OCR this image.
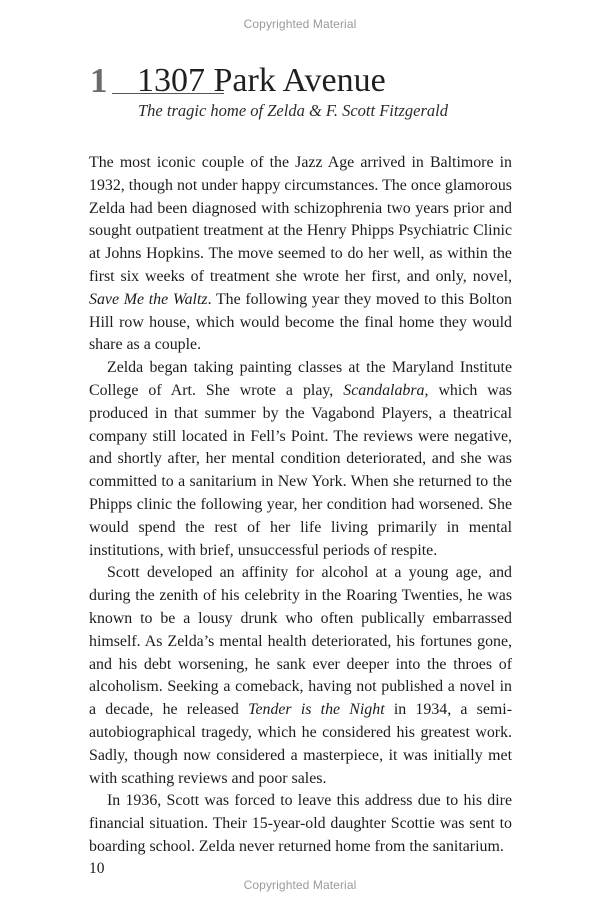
Copyrighted Material
1 1307 Park Avenue
The tragic home of Zelda & F. Scott Fitzgerald

The most iconic couple of the Jazz Age arrived in Baltimore in 1932, though not under happy circumstances. The once glamorous Zelda had been diagnosed with schizophrenia two years prior and sought outpatient treatment at the Henry Phipps Psychiatric Clinic at Johns Hopkins. The move seemed to do her well, as within the first six weeks of treatment she wrote her first, and only, novel, Save Me the Waltz. The following year they moved to this Bolton Hill row house, which would become the final home they would share as a couple.

Zelda began taking painting classes at the Maryland Institute College of Art. She wrote a play, Scandalabra, which was produced in that summer by the Vagabond Players, a theatrical company still located in Fell’s Point. The reviews were negative, and shortly after, her mental condition deteriorated, and she was committed to a sanitarium in New York. When she returned to the Phipps clinic the following year, her condition had worsened. She would spend the rest of her life living primarily in mental institutions, with brief, unsuccessful periods of respite.

Scott developed an affinity for alcohol at a young age, and during the zenith of his celebrity in the Roaring Twenties, he was known to be a lousy drunk who often publically embarrassed himself. As Zelda’s mental health deteriorated, his fortunes gone, and his debt worsening, he sank ever deeper into the throes of alcoholism. Seeking a comeback, having not published a novel in a decade, he released Tender is the Night in 1934, a semi-autobiographical tragedy, which he considered his greatest work. Sadly, though now considered a masterpiece, it was initially met with scathing reviews and poor sales.

In 1936, Scott was forced to leave this address due to his dire financial situation. Their 15-year-old daughter Scottie was sent to boarding school. Zelda never returned home from the sanitarium.

10
Copyrighted Material
